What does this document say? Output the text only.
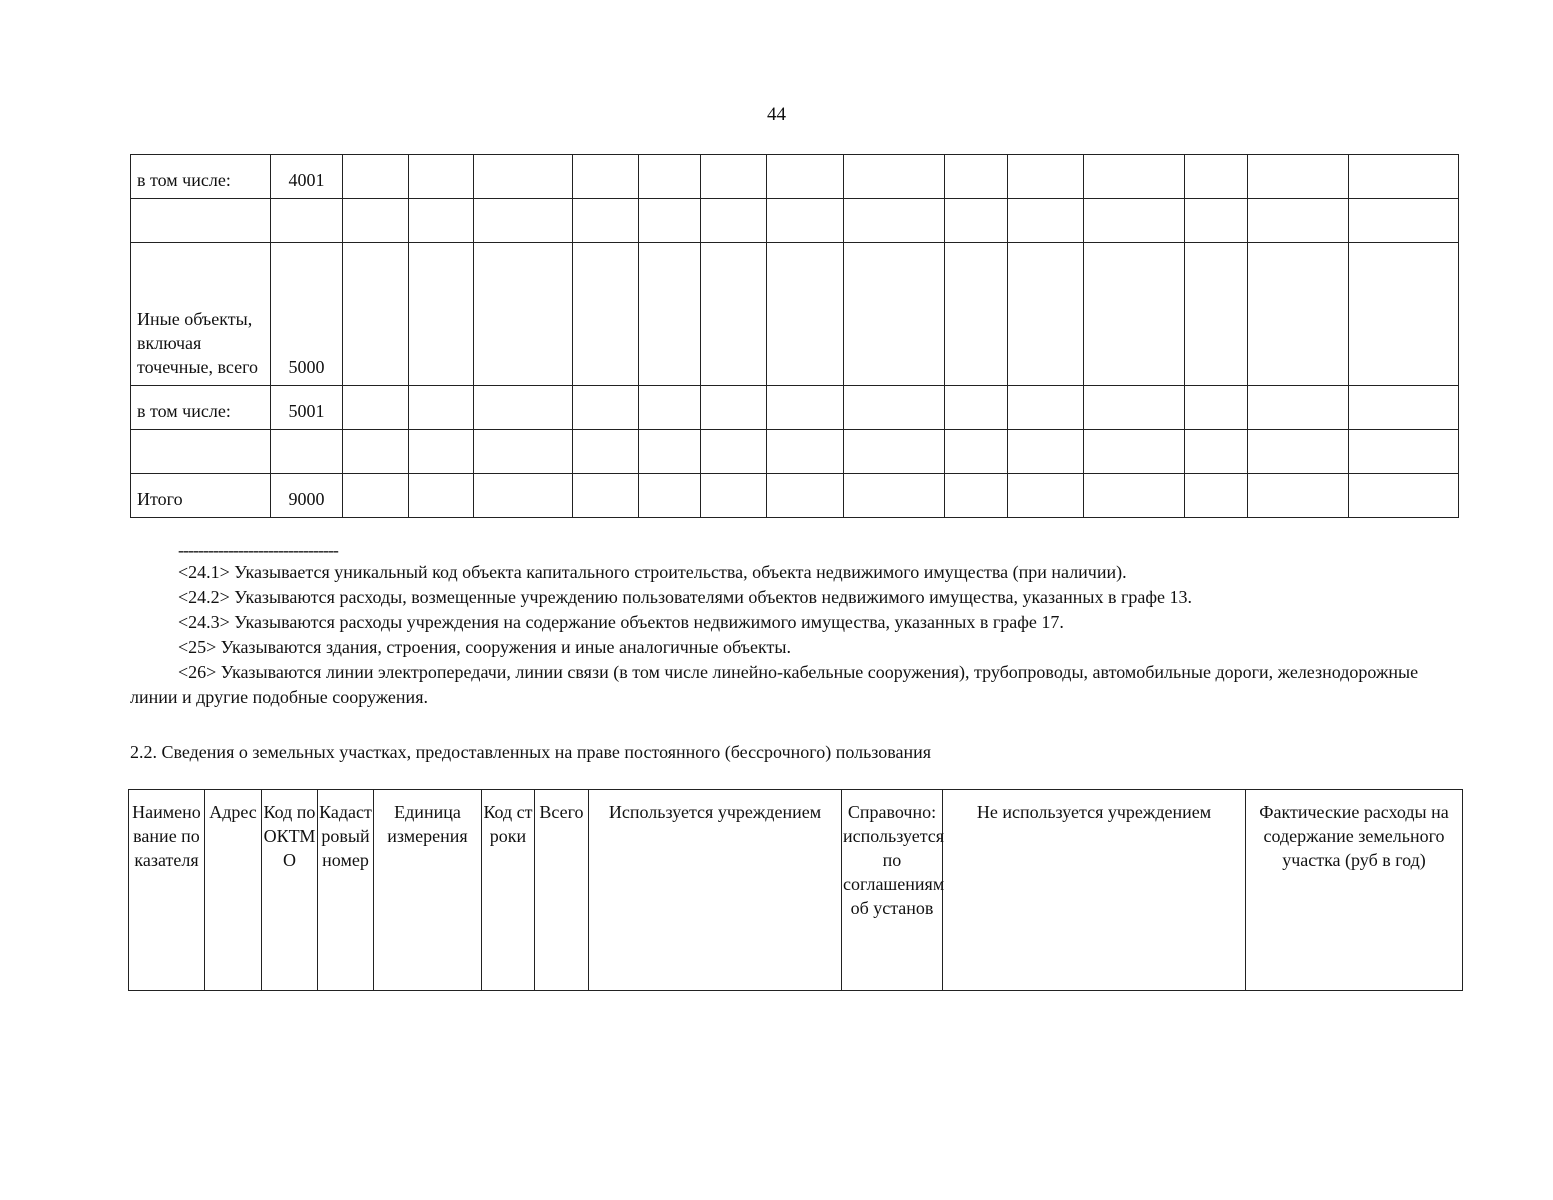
44
в том числе:	4001														

Иные объекты, включая точечные, всего	5000														
в том числе:	5001														

Итого	9000														
--------------------------------

<24.1> Указывается уникальный код объекта капитального строительства, объекта недвижимого имущества (при наличии).

<24.2> Указываются расходы, возмещенные учреждению пользователями объектов недвижимого имущества, указанных в графе 13.

<24.3> Указываются расходы учреждения на содержание объектов недвижимого имущества, указанных в графе 17.

<25> Указываются здания, строения, сооружения и иные аналогичные объекты.

<26> Указываются линии электропередачи, линии связи (в том числе линейно-кабельные сооружения), трубопроводы, автомобильные дороги, железнодорожные линии и другие подобные сооружения.

2.2. Сведения о земельных участках, предоставленных на праве постоянного (бессрочного) пользования
Наименование показателя	Адрес	Код по ОКТМО	Кадастровый номер	Единица измерения	Код строки	Всего	Используется учреждением	Справочно: используется по соглашениям об установ	Не используется учреждением	Фактические расходы на содержание земельного участка (руб в год)
